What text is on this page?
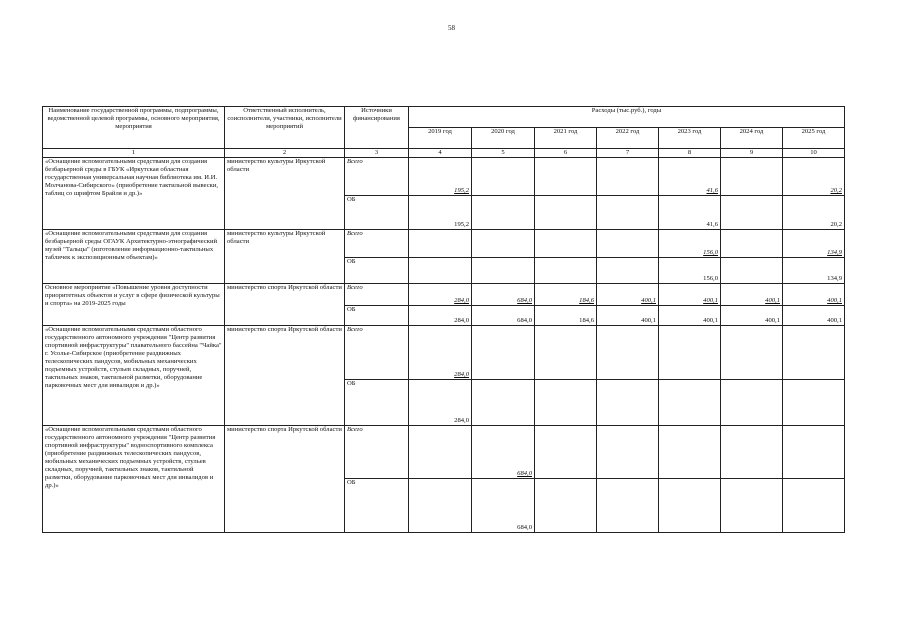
58
Наименование государственной программы, подпрограммы, ведомственной целевой программы, основного мероприятия, мероприятия	Ответственный исполнитель, соисполнители, участники, исполнители мероприятий	Источники финансирования	Расходы (тыс.руб.), годы						
			2019 год	2020 год	2021 год	2022 год	2023 год	2024 год	2025 год
1	2	3	4	5	6	7	8	9	10
«Оснащение вспомогательными средствами для создания безбарьерной среды в ГБУК «Иркутская областная государственная универсальная научная библиотека им. И.И. Молчанова-Сибирского» (приобретение тактильной вывески, таблиц со шрифтом Брайля и др.)»	министерство культуры Иркутской области	Всего	195,2				41,6		20,2
		ОБ	195,2				41,6		20,2
«Оснащение вспомогательными средствами для создания безбарьерной среды ОГАУК Архитектурно-этнографический музей "Тальцы" (изготовление информационно-тактильных табличек к экспозиционным объектам)»	министерство культуры Иркутской области	Всего					156,0		134,9
		ОБ					156,0		134,9
Основное мероприятие «Повышение уровня доступности приоритетных объектов и услуг в сфере физической культуры и спорта» на 2019-2025 годы	министерство спорта Иркутской области	Всего	284,0	684,0	184,6	400,1	400,1	400,1	400,1
		ОБ	284,0	684,0	184,6	400,1	400,1	400,1	400,1
«Оснащение вспомогательными средствами областного государственного автономного учреждения "Центр развития спортивной инфраструктуры" плавательного бассейна "Чайка" г. Усолье-Сибирское (приобретение раздвижных телескопических пандусов, мобильных механических подъемных устройств, стульев складных, поручней, тактильных знаков, тактильной разметки, оборудование парковочных мест для инвалидов и др.)»	министерство спорта Иркутской области	Всего	284,0						
		ОБ	284,0						
«Оснащение вспомогательными средствами областного государственного автономного учреждения "Центр развития спортивной инфраструктуры" водноспортивного комплекса (приобретение раздвижных телескопических пандусов, мобильных механических подъемных устройств, стульев складных, поручней, тактильных знаков, тактильной разметки, оборудование парковочных мест для инвалидов и др.)»	министерство спорта Иркутской области	Всего		684,0					
		ОБ		684,0					
